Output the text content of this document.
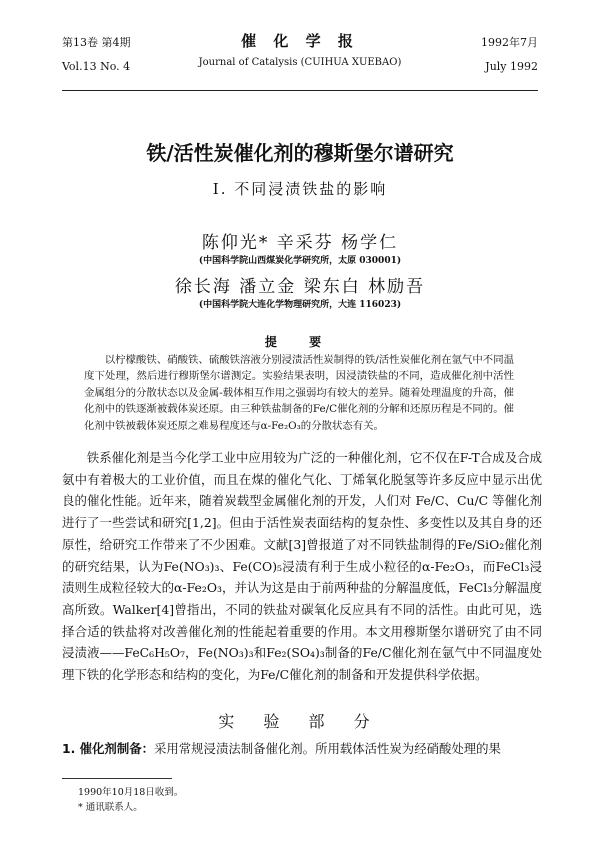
第13卷 第4期
Vol.13 No. 4
催 化 学 报
Journal of Catalysis (CUIHUA XUEBAO)
1992年7月
July 1992
铁/活性炭催化剂的穆斯堡尔谱研究
I. 不同浸渍铁盐的影响
陈仰光* 辛采芬 杨学仁
(中国科学院山西煤炭化学研究所，太原 030001)
徐长海 潘立金 梁东白 林励吾
(中国科学院大连化学物理研究所，大连 116023)
提 要
以柠檬酸铁、硝酸铁、硫酸铁溶液分别浸渍活性炭制得的铁/活性炭催化剂在氩气中不同温度下处理，然后进行穆斯堡尔谱测定。实验结果表明，因浸渍铁盐的不同，造成催化剂中活性金属组分的分散状态以及金属-载体相互作用之强弱均有较大的差异。随着处理温度的升高，催化剂中的铁逐渐被载体炭还原。由三种铁盐制备的Fe/C催化剂的分解和还原历程是不同的。催化剂中铁被载体炭还原之难易程度还与α-Fe₂O₃的分散状态有关。
铁系催化剂是当今化学工业中应用较为广泛的一种催化剂，它不仅在F-T合成及合成氨中有着极大的工业价值，而且在煤的催化气化、丁烯氧化脱氢等许多反应中显示出优良的催化性能。近年来，随着炭载型金属催化剂的开发，人们对 Fe/C、Cu/C 等催化剂进行了一些尝试和研究[1,2]。但由于活性炭表面结构的复杂性、多变性以及其自身的还原性，给研究工作带来了不少困难。文献[3]曾报道了对不同铁盐制得的Fe/SiO₂催化剂的研究结果，认为Fe(NO₃)₃、Fe(CO)₅浸渍有利于生成小粒径的α-Fe₂O₃，而FeCl₃浸渍则生成粒径较大的α-Fe₂O₃，并认为这是由于前两种盐的分解温度低，FeCl₃分解温度高所致。Walker[4]曾指出，不同的铁盐对碳氧化反应具有不同的活性。由此可见，选择合适的铁盐将对改善催化剂的性能起着重要的作用。本文用穆斯堡尔谱研究了由不同浸渍液——FeC₆H₅O₇，Fe(NO₃)₃和Fe₂(SO₄)₃制备的Fe/C催化剂在氩气中不同温度处理下铁的化学形态和结构的变化，为Fe/C催化剂的制备和开发提供科学依据。
实 验 部 分
1. 催化剂制备：采用常规浸渍法制备催化剂。所用载体活性炭为经硝酸处理的果
1990年10月18日收到。
* 通讯联系人。
